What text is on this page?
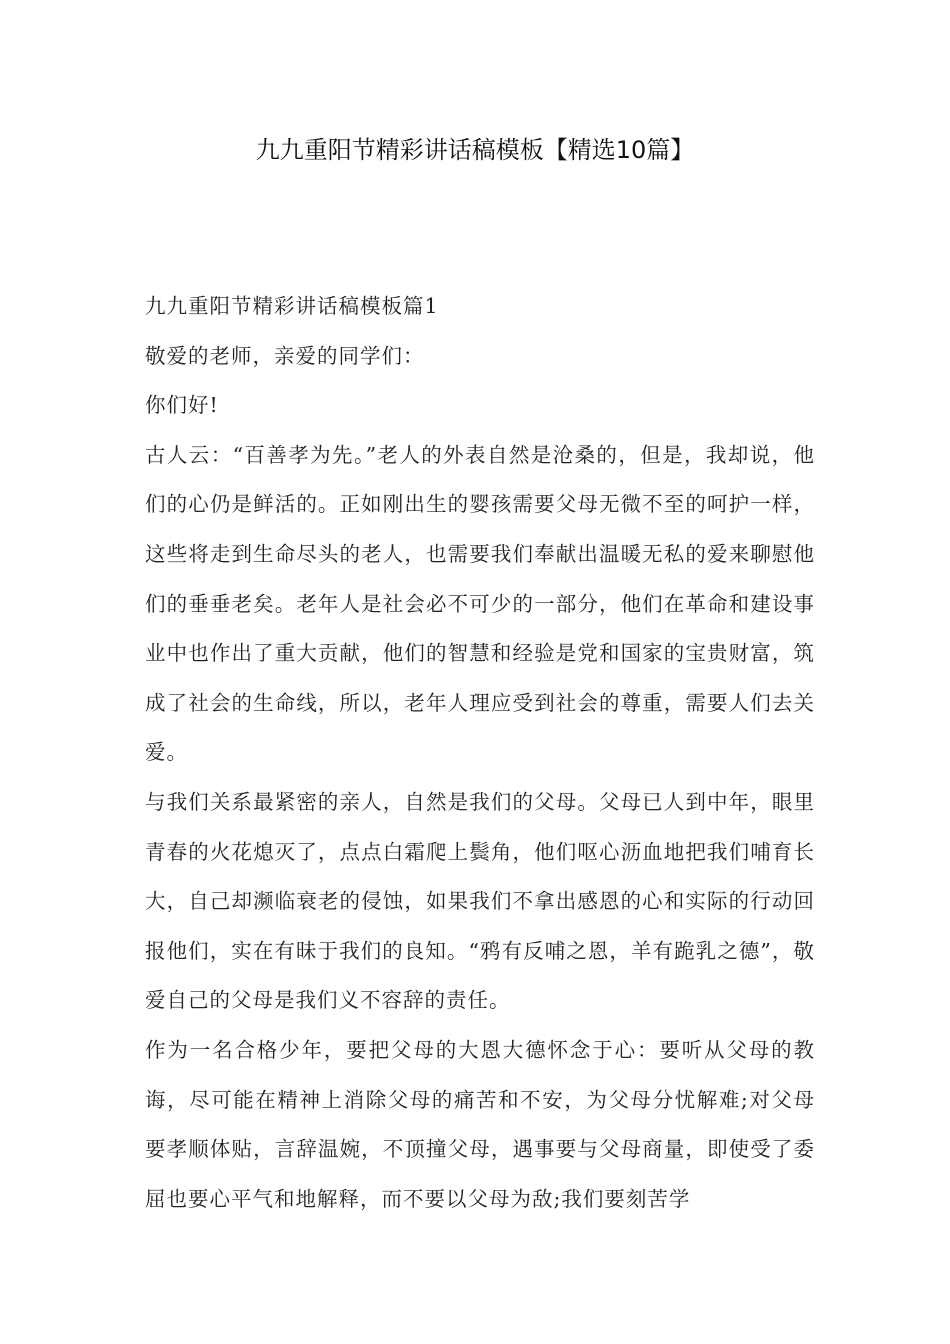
九九重阳节精彩讲话稿模板【精选10篇】

九九重阳节精彩讲话稿模板篇1

敬爱的老师，亲爱的同学们：

你们好!

古人云：“百善孝为先。”老人的外表自然是沧桑的，但是，我却说，他们的心仍是鲜活的。正如刚出生的婴孩需要父母无微不至的呵护一样，这些将走到生命尽头的老人，也需要我们奉献出温暖无私的爱来聊慰他们的垂垂老矣。老年人是社会必不可少的一部分，他们在革命和建设事业中也作出了重大贡献，他们的智慧和经验是党和国家的宝贵财富，筑成了社会的生命线，所以，老年人理应受到社会的尊重，需要人们去关爱。

与我们关系最紧密的亲人，自然是我们的父母。父母已人到中年，眼里青春的火花熄灭了，点点白霜爬上鬓角，他们呕心沥血地把我们哺育长大，自己却濒临衰老的侵蚀，如果我们不拿出感恩的心和实际的行动回报他们，实在有昧于我们的良知。“鸦有反哺之恩，羊有跪乳之德”，敬爱自己的父母是我们义不容辞的责任。

作为一名合格少年，要把父母的大恩大德怀念于心：要听从父母的教诲，尽可能在精神上消除父母的痛苦和不安，为父母分忧解难;对父母要孝顺体贴，言辞温婉，不顶撞父母，遇事要与父母商量，即使受了委屈也要心平气和地解释，而不要以父母为敌;我们要刻苦学
